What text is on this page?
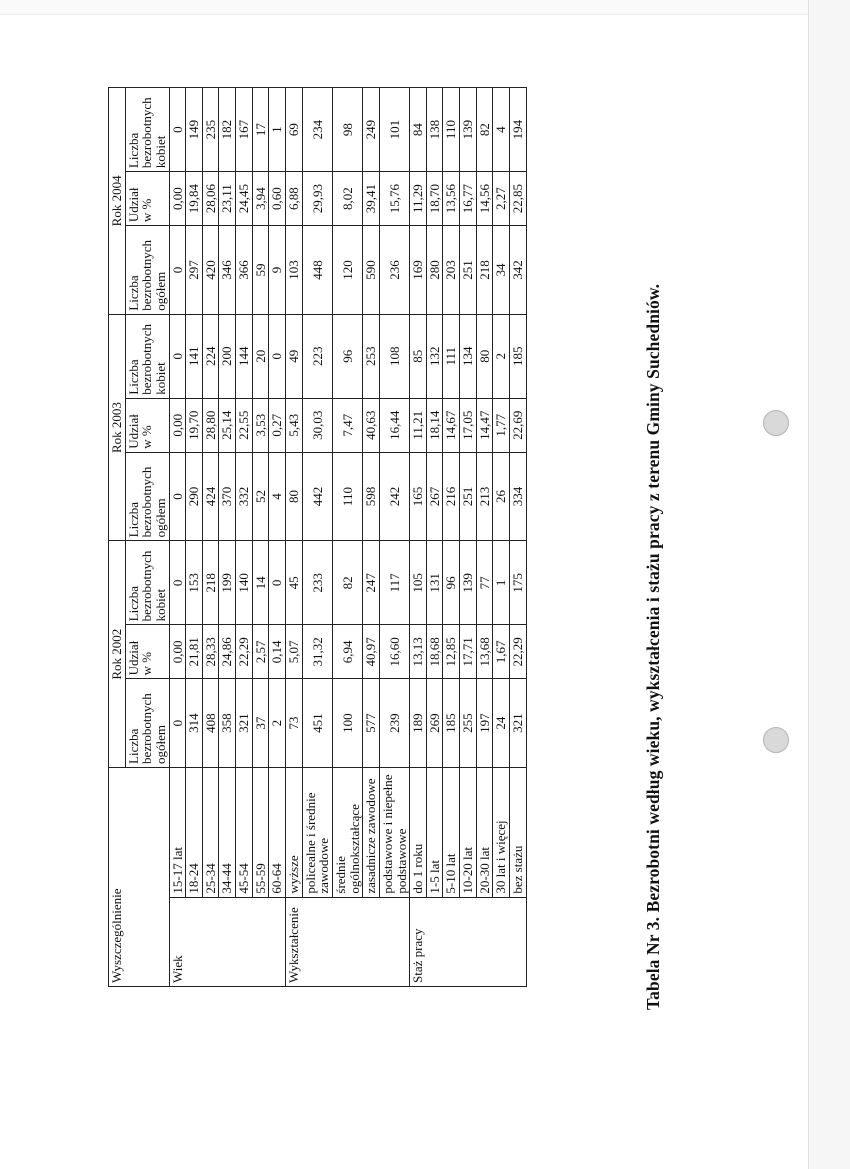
Wyszczególnienie		Rok 2002			Rok 2003			Rok 2004		
		Liczba bezrobotnych ogółem	Udział w %	Liczba bezrobotnych kobiet	Liczba bezrobotnych ogółem	Udział w %	Liczba bezrobotnych kobiet	Liczba bezrobotnych ogółem	Udział w %	Liczba bezrobotnych kobiet
Wiek	15-17 lat	0	0,00	0	0	0,00	0	0	0,00	0
	18-24	314	21,81	153	290	19,70	141	297	19,84	149
	25-34	408	28,33	218	424	28,80	224	420	28,06	235
	34-44	358	24,86	199	370	25,14	200	346	23,11	182
	45-54	321	22,29	140	332	22,55	144	366	24,45	167
	55-59	37	2,57	14	52	3,53	20	59	3,94	17
	60-64	2	0,14	0	4	0,27	0	9	0,60	1
Wykształcenie	wyższe	73	5,07	45	80	5,43	49	103	6,88	69
	policealne i średnie zawodowe	451	31,32	233	442	30,03	223	448	29,93	234
	średnie ogólnokształcące	100	6,94	82	110	7,47	96	120	8,02	98
	zasadnicze zawodowe	577	40,97	247	598	40,63	253	590	39,41	249
	podstawowe i niepełne podstawowe	239	16,60	117	242	16,44	108	236	15,76	101
Staż pracy	do 1 roku	189	13,13	105	165	11,21	85	169	11,29	84
	1-5 lat	269	18,68	131	267	18,14	132	280	18,70	138
	5-10 lat	185	12,85	96	216	14,67	111	203	13,56	110
	10-20 lat	255	17,71	139	251	17,05	134	251	16,77	139
	20-30 lat	197	13,68	77	213	14,47	80	218	14,56	82
	30 lat i więcej	24	1,67	1	26	1,77	2	34	2,27	4
	bez stażu	321	22,29	175	334	22,69	185	342	22,85	194
Tabela Nr 3. Bezrobotni według wieku, wykształcenia i stażu pracy z terenu Gminy Suchedniów.
